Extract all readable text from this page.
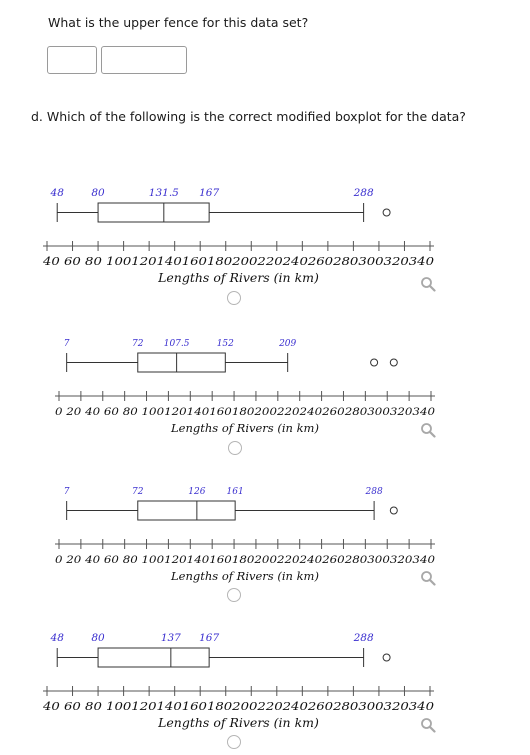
What is the upper fence for this data set?
d. Which of the following is the correct modified boxplot for the data?
48	80	131.5 167	288
40 60 80 100120140160180200220240260280300320340
Lengths of Rivers (in km)
7	72 107.5	152	209
0 20 40 60 80 100120140160180200220240260280300320340
Lengths of Rivers (in km)
7	72	126 161	288
0 20 40 60 80 100120140160180200220240260280300320340
Lengths of Rivers (in km)
48	80	137 167	288
40 60 80 100120140160180200220240260280300320340
Lengths of Rivers (in km)
